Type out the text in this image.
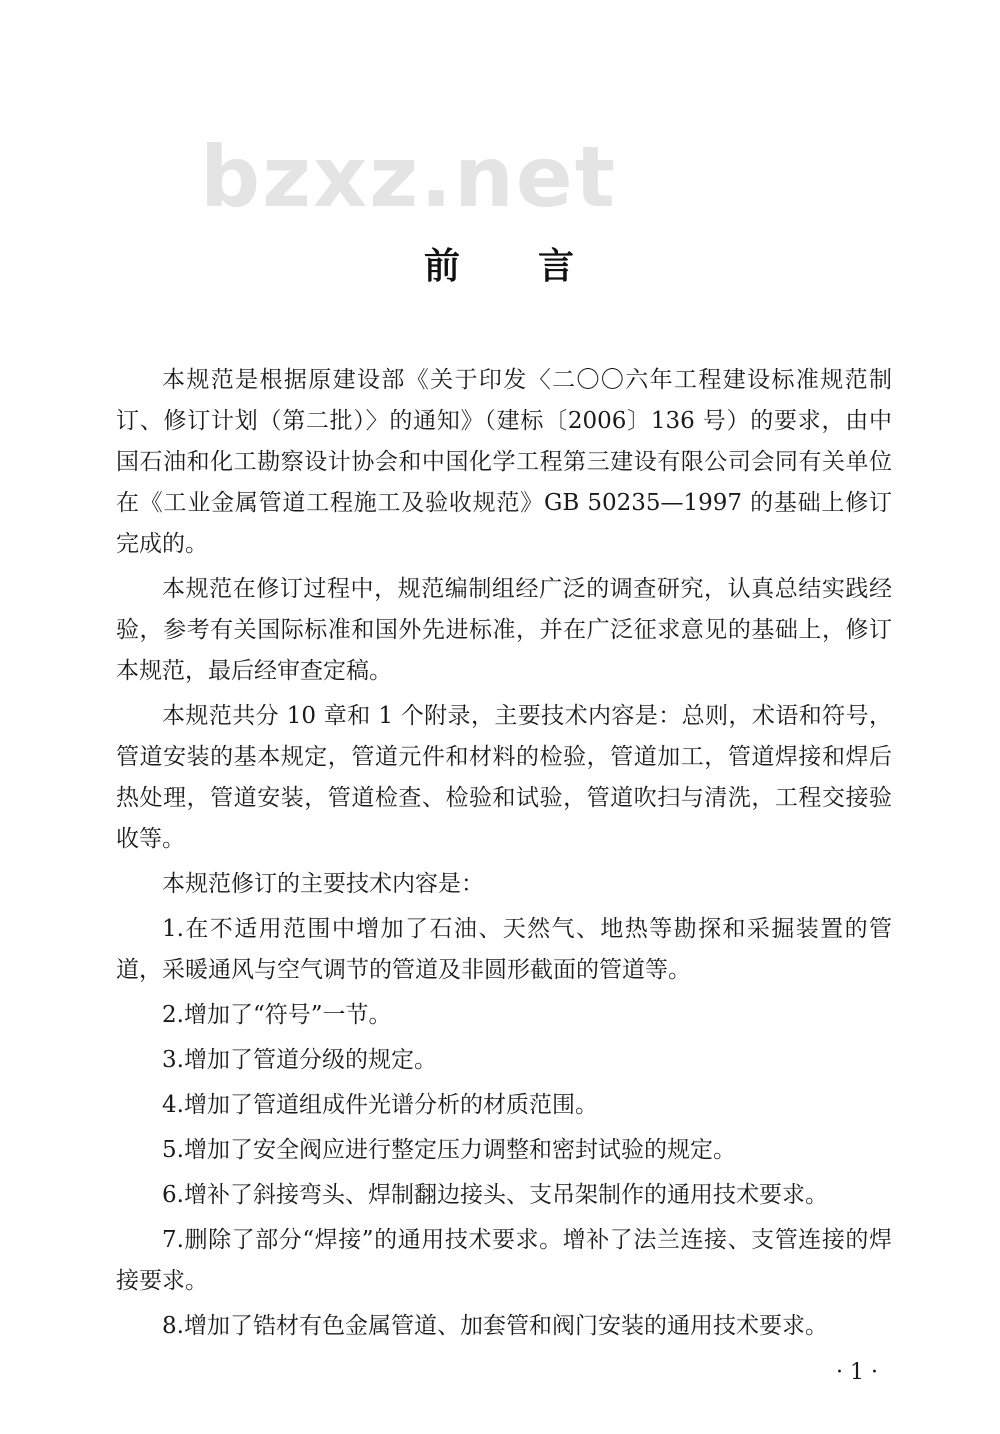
bzxz.net
前 言

本规范是根据原建设部《关于印发〈二〇〇六年工程建设标准规范制订、修订计划（第二批）〉的通知》（建标〔2006〕136 号）的要求，由中国石油和化工勘察设计协会和中国化学工程第三建设有限公司会同有关单位在《工业金属管道工程施工及验收规范》GB 50235—1997 的基础上修订完成的。

本规范在修订过程中，规范编制组经广泛的调查研究，认真总结实践经验，参考有关国际标准和国外先进标准，并在广泛征求意见的基础上，修订本规范，最后经审查定稿。

本规范共分 10 章和 1 个附录，主要技术内容是：总则，术语和符号，管道安装的基本规定，管道元件和材料的检验，管道加工，管道焊接和焊后热处理，管道安装，管道检查、检验和试验，管道吹扫与清洗，工程交接验收等。

本规范修订的主要技术内容是：

1.在不适用范围中增加了石油、天然气、地热等勘探和采掘装置的管道，采暖通风与空气调节的管道及非圆形截面的管道等。

2.增加了“符号”一节。

3.增加了管道分级的规定。

4.增加了管道组成件光谱分析的材质范围。

5.增加了安全阀应进行整定压力调整和密封试验的规定。

6.增补了斜接弯头、焊制翻边接头、支吊架制作的通用技术要求。

7.删除了部分“焊接”的通用技术要求。增补了法兰连接、支管连接的焊接要求。

8.增加了锆材有色金属管道、加套管和阀门安装的通用技术要求。

· 1 ·
